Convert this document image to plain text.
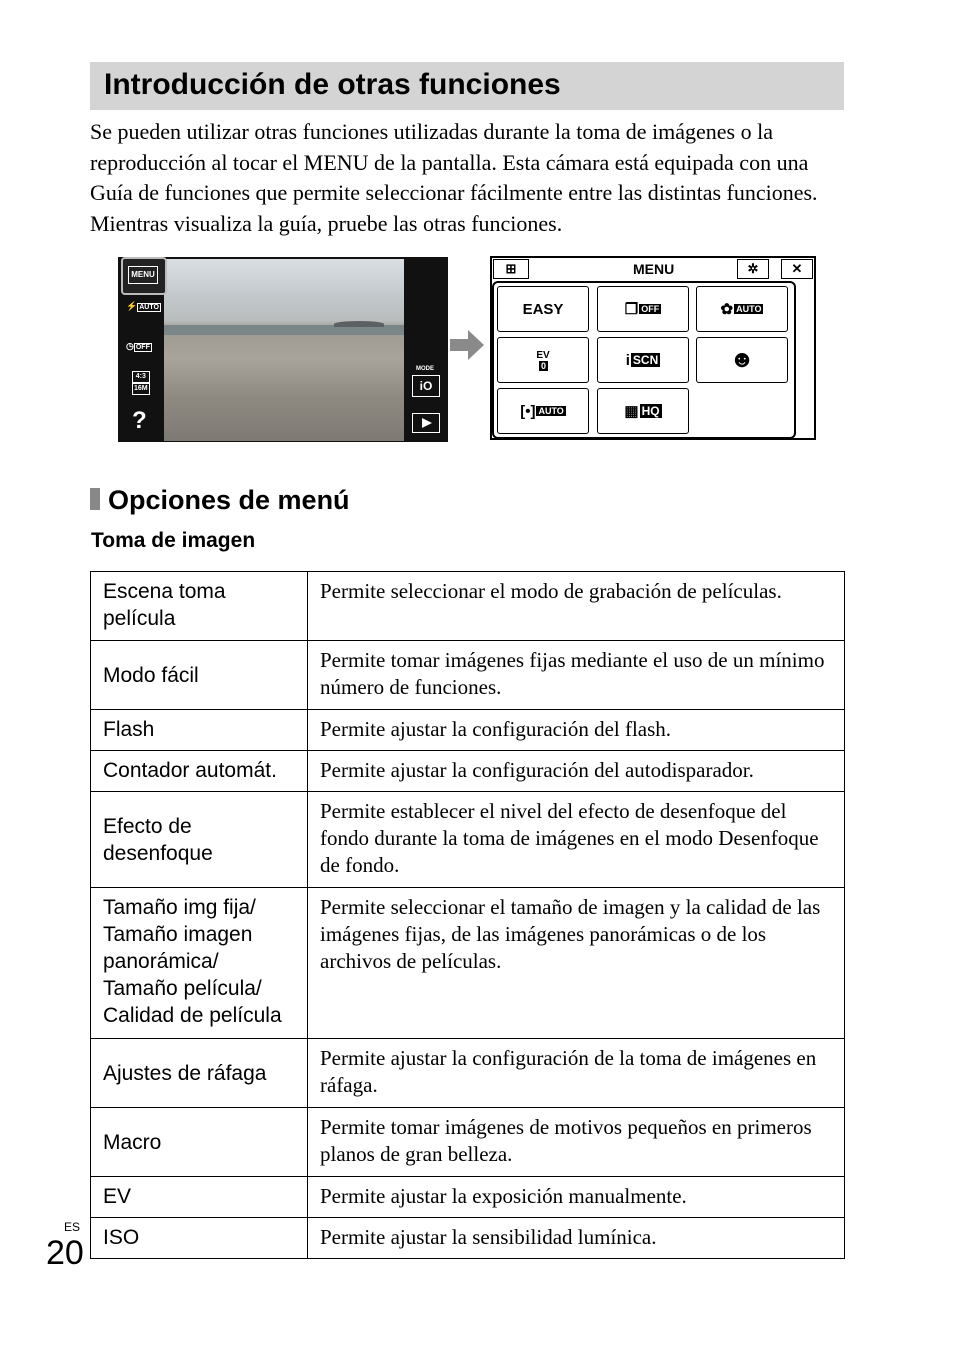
Introducción de otras funciones

Se pueden utilizar otras funciones utilizadas durante la toma de imágenes o la reproducción al tocar el MENU de la pantalla. Esta cámara está equipada con una Guía de funciones que permite seleccionar fácilmente entre las distintas funciones. Mientras visualiza la guía, pruebe las otras funciones.

MENU
⚡ AUTO
◷ OFF
4:3
16M
?
MODE
iO
⊞	MENU	✲	✕
EASY	❐ OFF	✿ AUTO
EV
0	i SCN	☻
[•] AUTO	▦ HQ
Opciones de menú
Toma de imagen
Escena toma película	Permite seleccionar el modo de grabación de películas.
Modo fácil	Permite tomar imágenes fijas mediante el uso de un mínimo número de funciones.
Flash	Permite ajustar la configuración del flash.
Contador automát.	Permite ajustar la configuración del autodisparador.
Efecto de desenfoque	Permite establecer el nivel del efecto de desenfoque del fondo durante la toma de imágenes en el modo Desenfoque de fondo.
Tamaño img fija/ Tamaño imagen panorámica/ Tamaño película/ Calidad de película	Permite seleccionar el tamaño de imagen y la calidad de las imágenes fijas, de las imágenes panorámicas o de los archivos de películas.
Ajustes de ráfaga	Permite ajustar la configuración de la toma de imágenes en ráfaga.
Macro	Permite tomar imágenes de motivos pequeños en primeros planos de gran belleza.
EV	Permite ajustar la exposición manualmente.
ISO	Permite ajustar la sensibilidad lumínica.
ES
20
